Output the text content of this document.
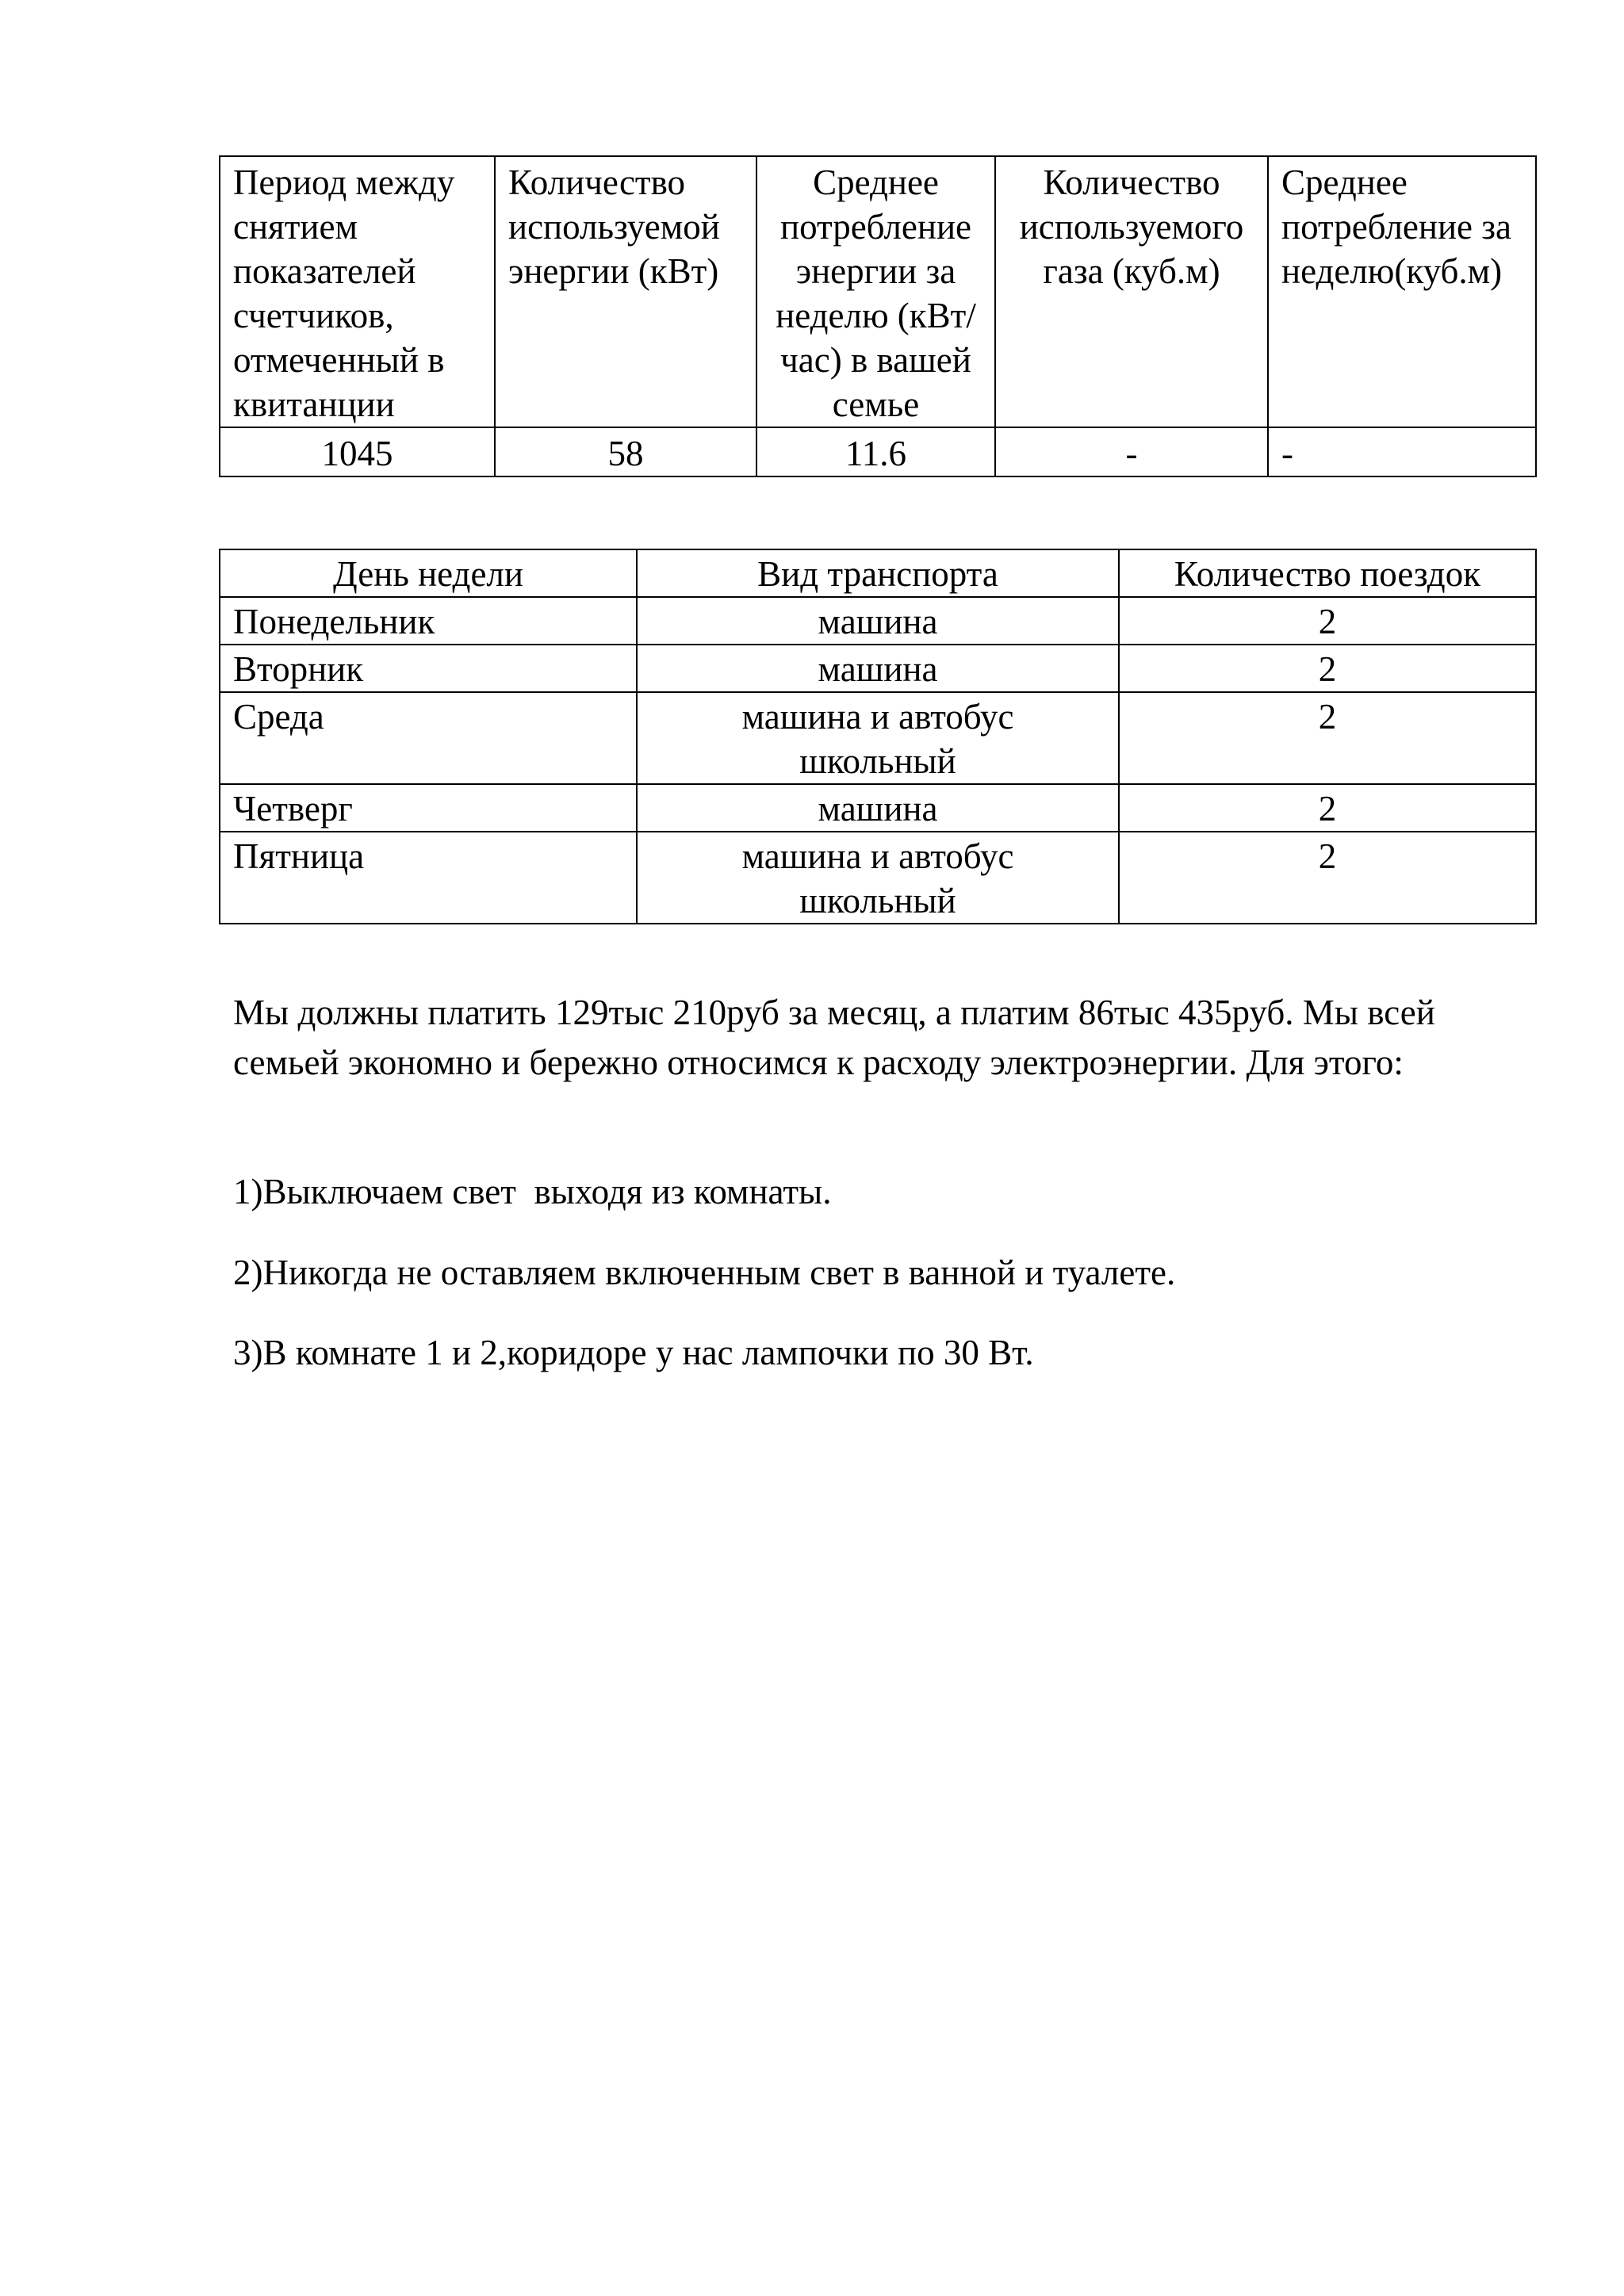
Период между снятием показателей счетчиков, отмеченный в квитанции	Количество используемой энергии (кВт)	Среднее потребление энергии за неделю (кВт/час) в вашей семье	Количество используемого газа (куб.м)	Среднее потребление за неделю(куб.м)
1045	58	11.6	-	-
День недели	Вид транспорта	Количество поездок
Понедельник	машина	2
Вторник	машина	2
Среда	машина и автобус школьный	2
Четверг	машина	2
Пятница	машина и автобус школьный	2

Мы должны платить 129тыс 210руб за месяц, а платим 86тыс 435руб. Мы всей семьей экономно и бережно относимся к расходу электроэнергии. Для этого:

1)Выключаем свет  выходя из комнаты.

2)Никогда не оставляем включенным свет в ванной и туалете.

3)В комнате 1 и 2,коридоре у нас лампочки по 30 Вт.
